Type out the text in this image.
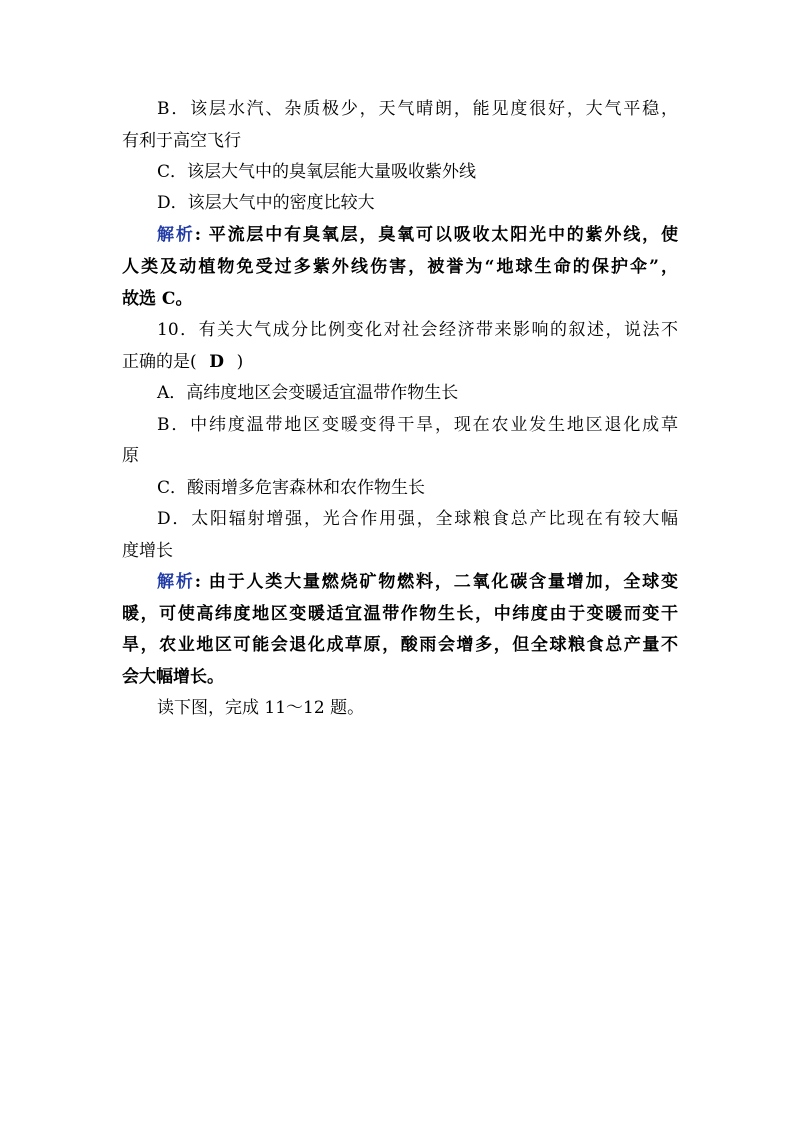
B．该层水汽、杂质极少，天气晴朗，能见度很好，大气平稳，
有利于高空飞行
C．该层大气中的臭氧层能大量吸收紫外线
D．该层大气中的密度比较大
解析: 平流层中有臭氧层，臭氧可以吸收太阳光中的紫外线，使
人类及动植物免受过多紫外线伤害，被誉为“地球生命的保护伞”，
故选 C。
10．有关大气成分比例变化对社会经济带来影响的叙述，说法不
正确的是( D )
A．高纬度地区会变暖适宜温带作物生长
B．中纬度温带地区变暖变得干旱，现在农业发生地区退化成草
原
C．酸雨增多危害森林和农作物生长
D．太阳辐射增强，光合作用强，全球粮食总产比现在有较大幅
度增长
解析: 由于人类大量燃烧矿物燃料，二氧化碳含量增加，全球变
暖，可使高纬度地区变暖适宜温带作物生长，中纬度由于变暖而变干
旱，农业地区可能会退化成草原，酸雨会增多，但全球粮食总产量不
会大幅增长。
读下图，完成 11～12 题。
